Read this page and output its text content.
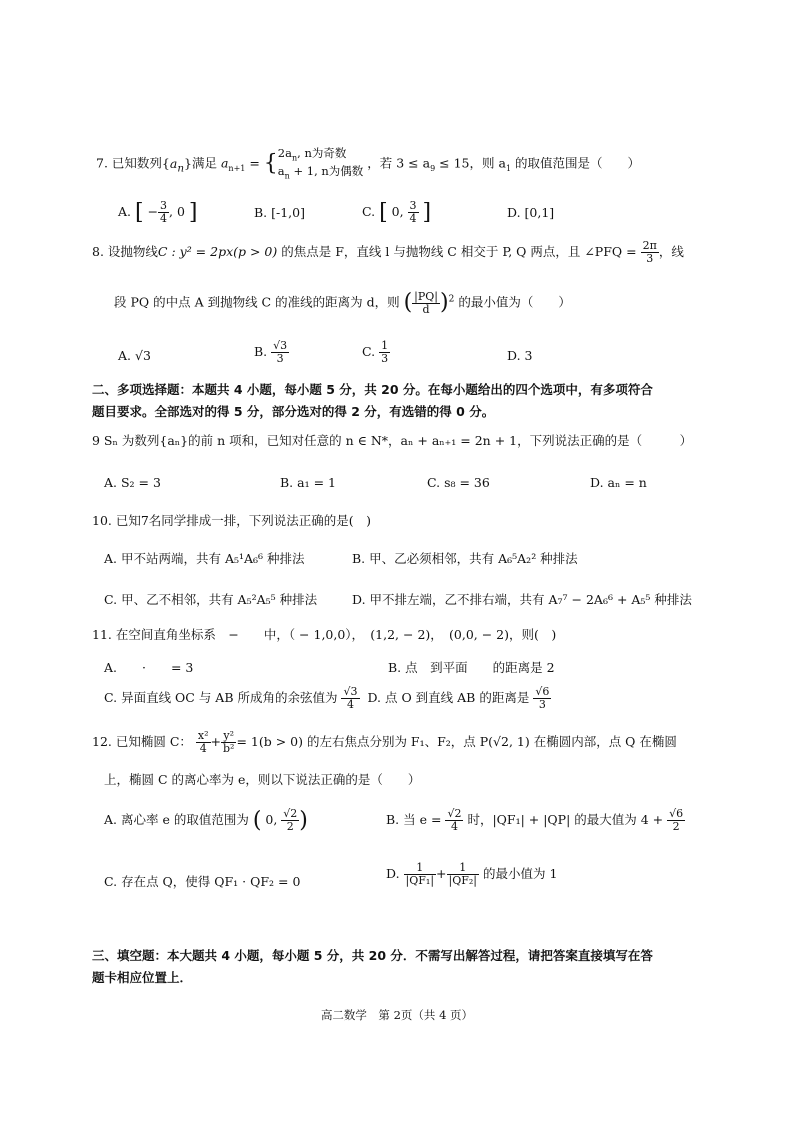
7. 已知数列$\{a_n\}$满足 $a_{n+1} = \{2a_n$, n为奇数
$a_n + 1$, n为偶数 ，若 $3 \le a_9 \le 15$，则 $a_1$ 的取值范围是（　　）
A. [ − $\frac{3}{4}$ , 0 ]	B. [-1,0]	C. [ 0, $\frac{3}{4}$ ]	D. [0,1]
8. 设抛物线C : y² = 2px(p > 0) 的焦点是 F，直线 l 与抛物线 C 相交于 P, Q 两点，且 ∠PFQ = $\frac{2\pi}{3}$ ，线
段 PQ 的中点 A 到抛物线 C 的准线的距离为 d，则 ( $\frac{|PQ|}{d} )^2$ 的最小值为（　　）
A. √3	B. $\frac{√3}{3}$	C. $\frac{1}{3}$	D. 3
二、多项选择题：本题共 4 小题，每小题 5 分，共 20 分。在每小题给出的四个选项中，有多项符合
题目要求。全部选对的得 5 分，部分选对的得 2 分，有选错的得 0 分。
9 Sₙ 为数列{aₙ}的前 n 项和，已知对任意的 n ∈ N*，aₙ + aₙ₊₁ = 2n + 1，下列说法正确的是（　　　）
A. S₂ = 3	B. a₁ = 1	C. s₈ = 36	D. aₙ = n
10. 已知7名同学排成一排，下列说法正确的是(　)
A. 甲不站两端，共有 A₅¹A₆⁶ 种排法	B. 甲、乙必须相邻，共有 A₆⁵A₂² 种排法
C. 甲、乙不相邻，共有 A₅²A₅⁵ 种排法	D. 甲不排左端，乙不排右端，共有 A₇⁷ − 2A₆⁶ + A₅⁵ 种排法
11. 在空间直角坐标系　−　　中，（ − 1,0,0），　(1,2, − 2)，　(0,0, − 2)，则(　)
A.　　·　　= 3	B. 点　到平面　　的距离是 2
C. 异面直线 OC 与 AB 所成角的余弦值为 $\frac{√3}{4} D$. 点 O 到直线 AB 的距离是 $\frac{√6}{3}$
12. 已知椭圆 C： $\frac{\text{x²}}{4} + \frac{\text{y²}}{\text{b²}} = 1(b > 0)$ 的左右焦点分别为 F₁、F₂，点 P(√2, 1) 在椭圆内部，点 Q 在椭圆
上，椭圆 C 的离心率为 e，则以下说法正确的是（　　）
A. 离心率 e 的取值范围为 ( 0, $\frac{√2}{2}$ )	B. 当 $e = \frac{√2}{4}$ 时，|QF₁| + |QP| 的最大值为 $4 + \frac{√6}{2}$
C. 存在点 Q，使得 QF₁ · QF₂ = 0
D. $\frac{1}{\text{|QF₁|}} + \frac{1}{\text{|QF₂|}}$ 的最小值为 1
三、填空题：本大题共 4 小题，每小题 5 分，共 20 分．不需写出解答过程，请把答案直接填写在答
题卡相应位置上．
高二数学　第 2页（共 4 页）
